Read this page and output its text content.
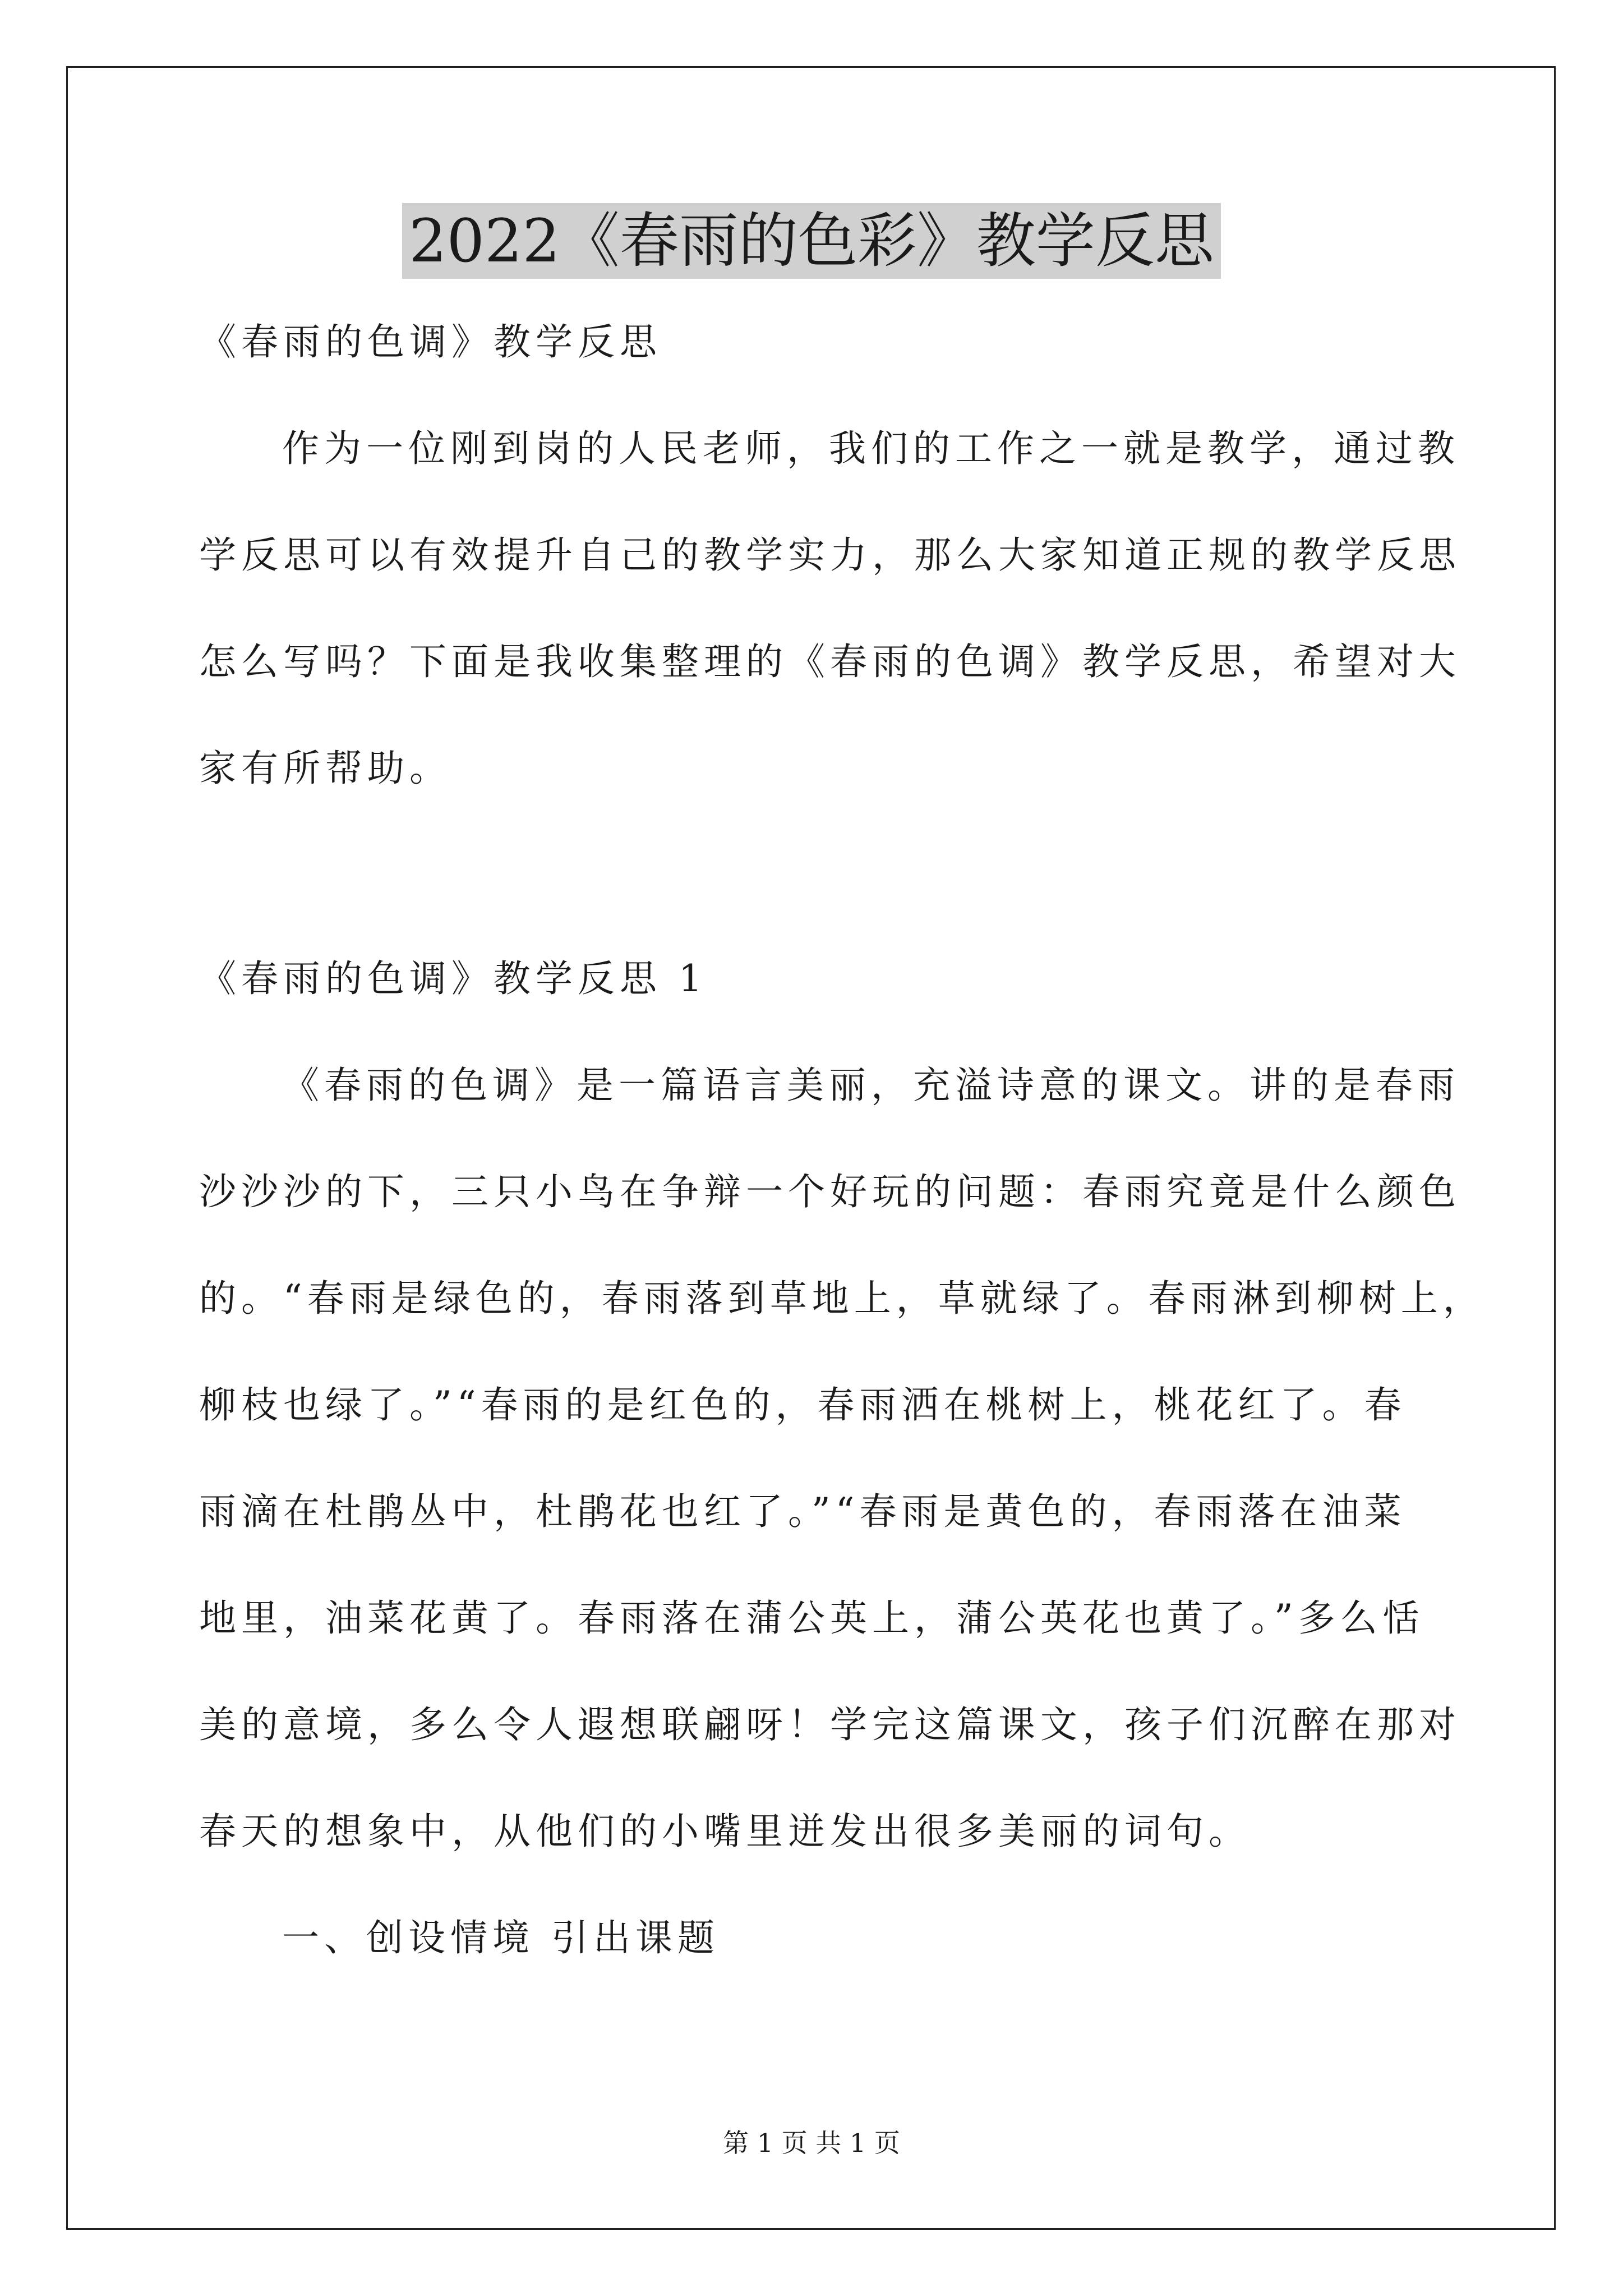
2022《春雨的色彩》教学反思
《春雨的色调》教学反思
作为一位刚到岗的人民老师，我们的工作之一就是教学，通过教
学反思可以有效提升自己的教学实力，那么大家知道正规的教学反思
怎么写吗？下面是我收集整理的《春雨的色调》教学反思，希望对大
家有所帮助。
《春雨的色调》教学反思 1
《春雨的色调》是一篇语言美丽，充溢诗意的课文。讲的是春雨
沙沙沙的下，三只小鸟在争辩一个好玩的问题：春雨究竟是什么颜色
的。“春雨是绿色的，春雨落到草地上，草就绿了。春雨淋到柳树上，
柳枝也绿了。”“春雨的是红色的，春雨洒在桃树上，桃花红了。春
雨滴在杜鹃丛中，杜鹃花也红了。”“春雨是黄色的，春雨落在油菜
地里，油菜花黄了。春雨落在蒲公英上，蒲公英花也黄了。”多么恬
美的意境，多么令人遐想联翩呀！学完这篇课文，孩子们沉醉在那对
春天的想象中，从他们的小嘴里迸发出很多美丽的词句。
一、创设情境 引出课题
第 1 页 共 1 页
